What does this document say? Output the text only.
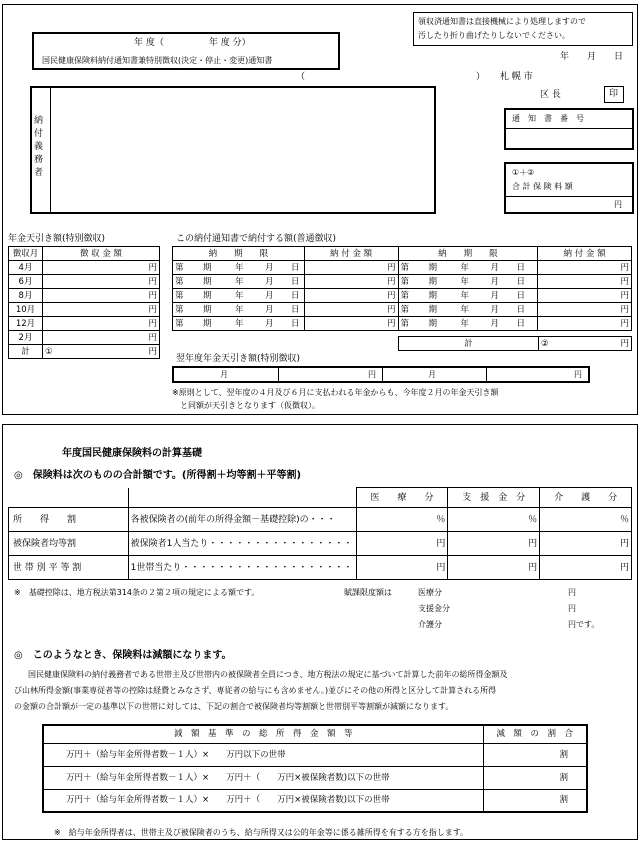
領収済通知書は直接機械により処理しますので
汚したり折り曲げたりしないでください。
年 度（　　　　　年 度 分）
国民健康保険料納付通知書兼特別徴収(決定・停止・変更)通知書
（　　　　　　　　　　　　　　　　　　　）
年　　月　　日
札 幌 市
区 長	印
納付義務者
通　知　書　番　号
①＋②
合 計 保 険 料 額
円
年金天引き額(特別徴収)
徴収月	徴 収 金 額
4月	円
6月	円
8月	円
10月	円
12月	円
2月	円
計	① 円
この納付通知書で納付する額(普通徴収)
納　　期　　限	納 付 金 額	納　　期　　限	納 付 金 額

第 期 年 月 日	円	第 期 年 月 日	円

第 期 年 月 日	円	第 期 年 月 日	円

第 期 年 月 日	円	第 期 年 月 日	円

第 期 年 月 日	円	第 期 年 月 日	円

第 期 年 月 日	円	第 期 年 月 日	円
計	②	円
翌年度年金天引き額(特別徴収)
月	円	月	円
※原則として、翌年度の４月及び６月に支払われる年金からも、今年度２月の年金天引き額
と同額が天引きとなります（仮徴収）。
年度国民健康保険料の計算基礎
◎　保険料は次のものの合計額です。(所得割＋均等割＋平等割)
		医　　療　　分	支　援　金　分	介　　護　　分
所　　得　　割	各被保険者の(前年の所得金額－基礎控除)の・・・	％	％	％
被保険者均等割	被保険者1人当たり・・・・・・・・・・・・・・・・	円	円	円
世 帯 別 平 等 割	1世帯当たり・・・・・・・・・・・・・・・・・・・	円	円	円
※　基礎控除は、地方税法第314条の２第２項の規定による額です。	賦課限度額は	医療分	円
支援金分	円
介護分	円です。
◎　このようなとき、保険料は減額になります。
国民健康保険料の納付義務者である世帯主及び世帯内の被保険者全員につき、地方税法の規定に基づいて計算した前年の総所得金額及
び山林所得金額(事業専従者等の控除は経費とみなさず、専従者の給与にも含めません。)並びにその他の所得と区分して計算される所得
の金額の合計額が一定の基準以下の世帯に対しては、下記の割合で被保険者均等割額と世帯別平等割額が減額になります。
減　額　基　準　の　総　所　得　金　額　等	減　額　の　割　合
万円＋（給与年金所得者数－１人）×　　万円以下の世帯	割
万円＋（給与年金所得者数－１人）×　　万円＋（　　万円×被保険者数)以下の世帯	割
万円＋（給与年金所得者数－１人）×　　万円＋（　　万円×被保険者数)以下の世帯	割
※　給与年金所得者は、世帯主及び被保険者のうち、給与所得又は公的年金等に係る雑所得を有する方を指します。
